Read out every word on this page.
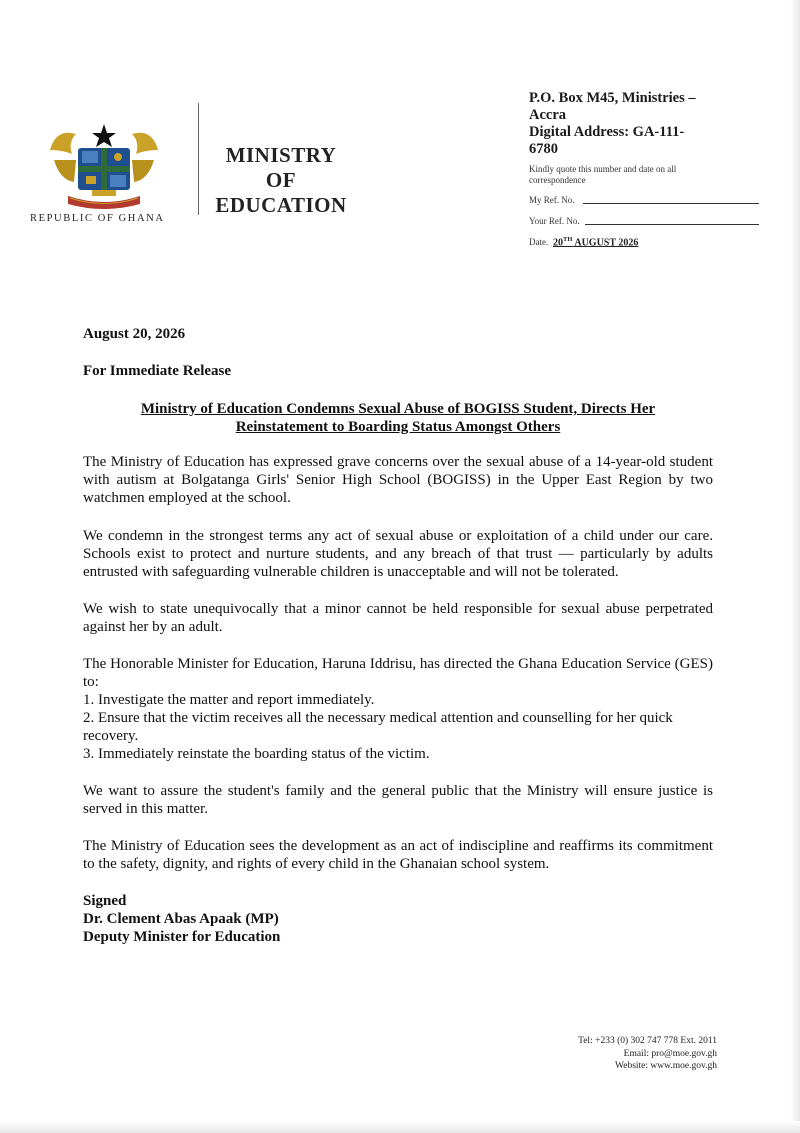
REPUBLIC OF GHANA
MINISTRY
OF
EDUCATION
P.O. Box M45, Ministries –
Accra
Digital Address: GA-111-
6780
Kindly quote this number and date on all correspondence
My Ref. No.
Your Ref. No.
Date. 20TH AUGUST 2026
August 20, 2026
For Immediate Release
Ministry of Education Condemns Sexual Abuse of BOGISS Student, Directs Her
Reinstatement to Boarding Status Amongst Others
The Ministry of Education has expressed grave concerns over the sexual abuse of a 14-year-old student with autism at Bolgatanga Girls' Senior High School (BOGISS) in the Upper East Region by two watchmen employed at the school.
We condemn in the strongest terms any act of sexual abuse or exploitation of a child under our care. Schools exist to protect and nurture students, and any breach of that trust — particularly by adults entrusted with safeguarding vulnerable children is unacceptable and will not be tolerated.
We wish to state unequivocally that a minor cannot be held responsible for sexual abuse perpetrated against her by an adult.
The Honorable Minister for Education, Haruna Iddrisu, has directed the Ghana Education Service (GES) to:
1. Investigate the matter and report immediately.
2. Ensure that the victim receives all the necessary medical attention and counselling for her quick recovery.
3. Immediately reinstate the boarding status of the victim.
We want to assure the student's family and the general public that the Ministry will ensure justice is served in this matter.
The Ministry of Education sees the development as an act of indiscipline and reaffirms its commitment to the safety, dignity, and rights of every child in the Ghanaian school system.
Signed
Dr. Clement Abas Apaak (MP)
Deputy Minister for Education
Tel: +233 (0) 302 747 778 Ext. 2011
Email: pro@moe.gov.gh
Website: www.moe.gov.gh
